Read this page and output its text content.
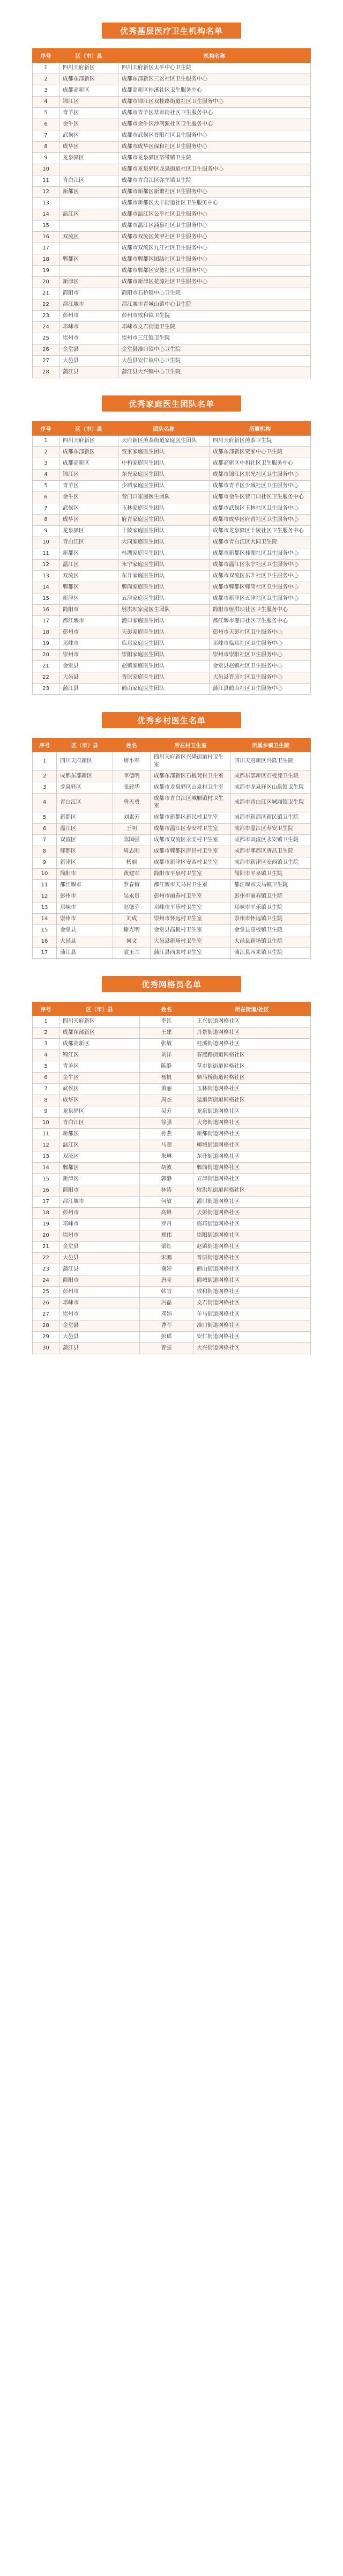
优秀基层医疗卫生机构名单
序号	区（市）县	机构名称
1	四川天府新区	四川天府新区太平中心卫生院
2	成都东部新区	成都东部新区三岔社区卫生服务中心
3	成都高新区	成都高新区桂溪社区卫生服务中心
4	锦江区	成都市锦江区双桂路街道社区卫生服务中心
5	青羊区	成都市青羊区草市街社区卫生服务中心
6	金牛区	成都市金牛区沙河源社区卫生服务中心
7	武侯区	成都市武侯区晋阳社区卫生服务中心
8	成华区	成都市成华区保和社区卫生服务中心
9	龙泉驿区	成都市龙泉驿区洛带镇卫生院
10		成都市龙泉驿区龙泉街道社区卫生服务中心
11	青白江区	成都市青白江区弥牟镇卫生院
12	新都区	成都市新都区新繁社区卫生服务中心
13		成都市新都区大丰街道社区卫生服务中心
14	温江区	成都市温江区公平社区卫生服务中心
15		成都市温江区涌泉社区卫生服务中心
16	双流区	成都市双流区黄甲社区卫生服务中心
17		成都市双流区九江社区卫生服务中心
18	郫都区	成都市郫都区团结社区卫生服务中心
19		成都市郫都区安德社区卫生服务中心
20	新津区	成都市新津区花源社区卫生服务中心
21	简阳市	简阳市石桥镇中心卫生院
22	都江堰市	都江堰市青城山镇中心卫生院
23	彭州市	彭州市致和镇卫生院
24	邛崃市	邛崃市文君街道卫生院
25	崇州市	崇州市三江镇卫生院
26	金堂县	金堂县淮口镇中心卫生院
27	大邑县	大邑县安仁镇中心卫生院
28	蒲江县	蒲江县大兴镇中心卫生院
优秀家庭医生团队名单
序号	区（市）县	团队名称	所属机构
1	四川天府新区	天府新区煎茶街道家庭医生团队	四川天府新区煎茶卫生院
2	成都东部新区	贾家家庭医生团队	成都东部新区贾家中心卫生院
3	成都高新区	中和家庭医生团队	成都高新区中和社区卫生服务中心
4	锦江区	东光家庭医生团队	成都市锦江区东光社区卫生服务中心
5	青羊区	少城家庭医生团队	成都市青羊区少城社区卫生服务中心
6	金牛区	营门口家庭医生团队	成都市金牛区营门口社区卫生服务中心
7	武侯区	玉林家庭医生团队	成都市武侯区玉林社区卫生服务中心
8	成华区	府青家庭医生团队	成都市成华区府青社区卫生服务中心
9	龙泉驿区	十陵家庭医生团队	成都市龙泉驿区十陵社区卫生服务中心
10	青白江区	大同家庭医生团队	成都市青白江区大同卫生院
11	新都区	桂湖家庭医生团队	成都市新都区桂湖社区卫生服务中心
12	温江区	永宁家庭医生团队	成都市温江区永宁社区卫生服务中心
13	双流区	东升家庭医生团队	成都市双流区东升社区卫生服务中心
14	郫都区	郫筒家庭医生团队	成都市郫都区郫筒社区卫生服务中心
15	新津区	五津家庭医生团队	成都市新津区五津社区卫生服务中心
16	简阳市	射洪坝家庭医生团队	简阳市射洪坝社区卫生服务中心
17	都江堰市	灌口家庭医生团队	都江堰市灌口社区卫生服务中心
18	彭州市	天彭家庭医生团队	彭州市天彭社区卫生服务中心
19	邛崃市	临邛家庭医生团队	邛崃市临邛社区卫生服务中心
20	崇州市	崇阳家庭医生团队	崇州市崇阳社区卫生服务中心
21	金堂县	赵镇家庭医生团队	金堂县赵镇社区卫生服务中心
22	大邑县	晋原家庭医生团队	大邑县晋原社区卫生服务中心
23	蒲江县	鹤山家庭医生团队	蒲江县鹤山社区卫生服务中心
优秀乡村医生名单
序号	区（市）县	姓名	所在村卫生室	所属乡镇卫生院
1	四川天府新区	唐小军	四川天府新区兴隆街道村卫生室	四川天府新区兴隆卫生院
2	成都东部新区	李德明	成都东部新区石板凳村卫生室	成都东部新区石板凳卫生院
3	龙泉驿区	张建华	成都市龙泉驿区山泉村卫生室	成都市龙泉驿区山泉镇卫生院
4	青白江区	曾天勇	成都市青白江区城厢镇村卫生室	成都市青白江区城厢镇卫生院
5	新都区	刘素芳	成都市新都区新民村卫生室	成都市新都区新民镇卫生院
6	温江区	王明	成都市温江区寿安村卫生室	成都市温江区寿安卫生院
7	双流区	陈国强	成都市双流区永安村卫生室	成都市双流区永安镇卫生院
8	郫都区	周志刚	成都市郫都区唐昌村卫生室	成都市郫都区唐昌卫生院
9	新津区	杨丽	成都市新津区安西村卫生室	成都市新津区安西镇卫生院
10	简阳市	黄建军	简阳市平泉村卫生室	简阳市平泉镇卫生院
11	都江堰市	罗春梅	都江堰市天马村卫生室	都江堰市天马镇卫生院
12	彭州市	吴永贵	彭州市丽春村卫生室	彭州市丽春镇卫生院
13	邛崃市	赵德芬	邛崃市平乐村卫生室	邛崃市平乐镇卫生院
14	崇州市	刘成	崇州市怀远村卫生室	崇州市怀远镇卫生院
15	金堂县	谢光明	金堂县高板村卫生室	金堂县高板镇卫生院
16	大邑县	何文	大邑县新场村卫生室	大邑县新场镇卫生院
17	蒲江县	袁玉兰	蒲江县西来村卫生室	蒲江县西来镇卫生院
优秀网格员名单
序号	区（市）县	姓名	所在街道/社区
1	四川天府新区	李红	正兴街道网格社区
2	成都东部新区	王建	丹景街道网格社区
3	成都高新区	张敏	桂溪街道网格社区
4	锦江区	刘洋	春熙路街道网格社区
5	青羊区	陈静	草市街街道网格社区
6	金牛区	杨帆	驷马桥街道网格社区
7	武侯区	黄丽	玉林街道网格社区
8	成华区	周杰	猛追湾街道网格社区
9	龙泉驿区	吴芳	龙泉街道网格社区
10	青白江区	徐强	大弯街道网格社区
11	新都区	孙燕	新都街道网格社区
12	温江区	马超	柳城街道网格社区
13	双流区	朱琳	东升街道网格社区
14	郫都区	胡波	郫筒街道网格社区
15	新津区	郭静	五津街道网格社区
16	简阳市	林涛	射洪坝街道网格社区
17	都江堰市	何敏	灌口街道网格社区
18	彭州市	高峰	天彭街道网格社区
19	邛崃市	罗丹	临邛街道网格社区
20	崇州市	郑伟	崇阳街道网格社区
21	金堂县	梁红	赵镇街道网格社区
22	大邑县	宋鹏	晋原街道网格社区
23	蒲江县	谢婷	鹤山街道网格社区
24	简阳市	唐亮	简城街道网格社区
25	彭州市	韩雪	致和街道网格社区
26	邛崃市	冯磊	文君街道网格社区
27	崇州市	邓娟	羊马街道网格社区
28	金堂县	曹军	淮口街道网格社区
29	大邑县	彭瑶	安仁街道网格社区
30	蒲江县	曾强	大兴街道网格社区
